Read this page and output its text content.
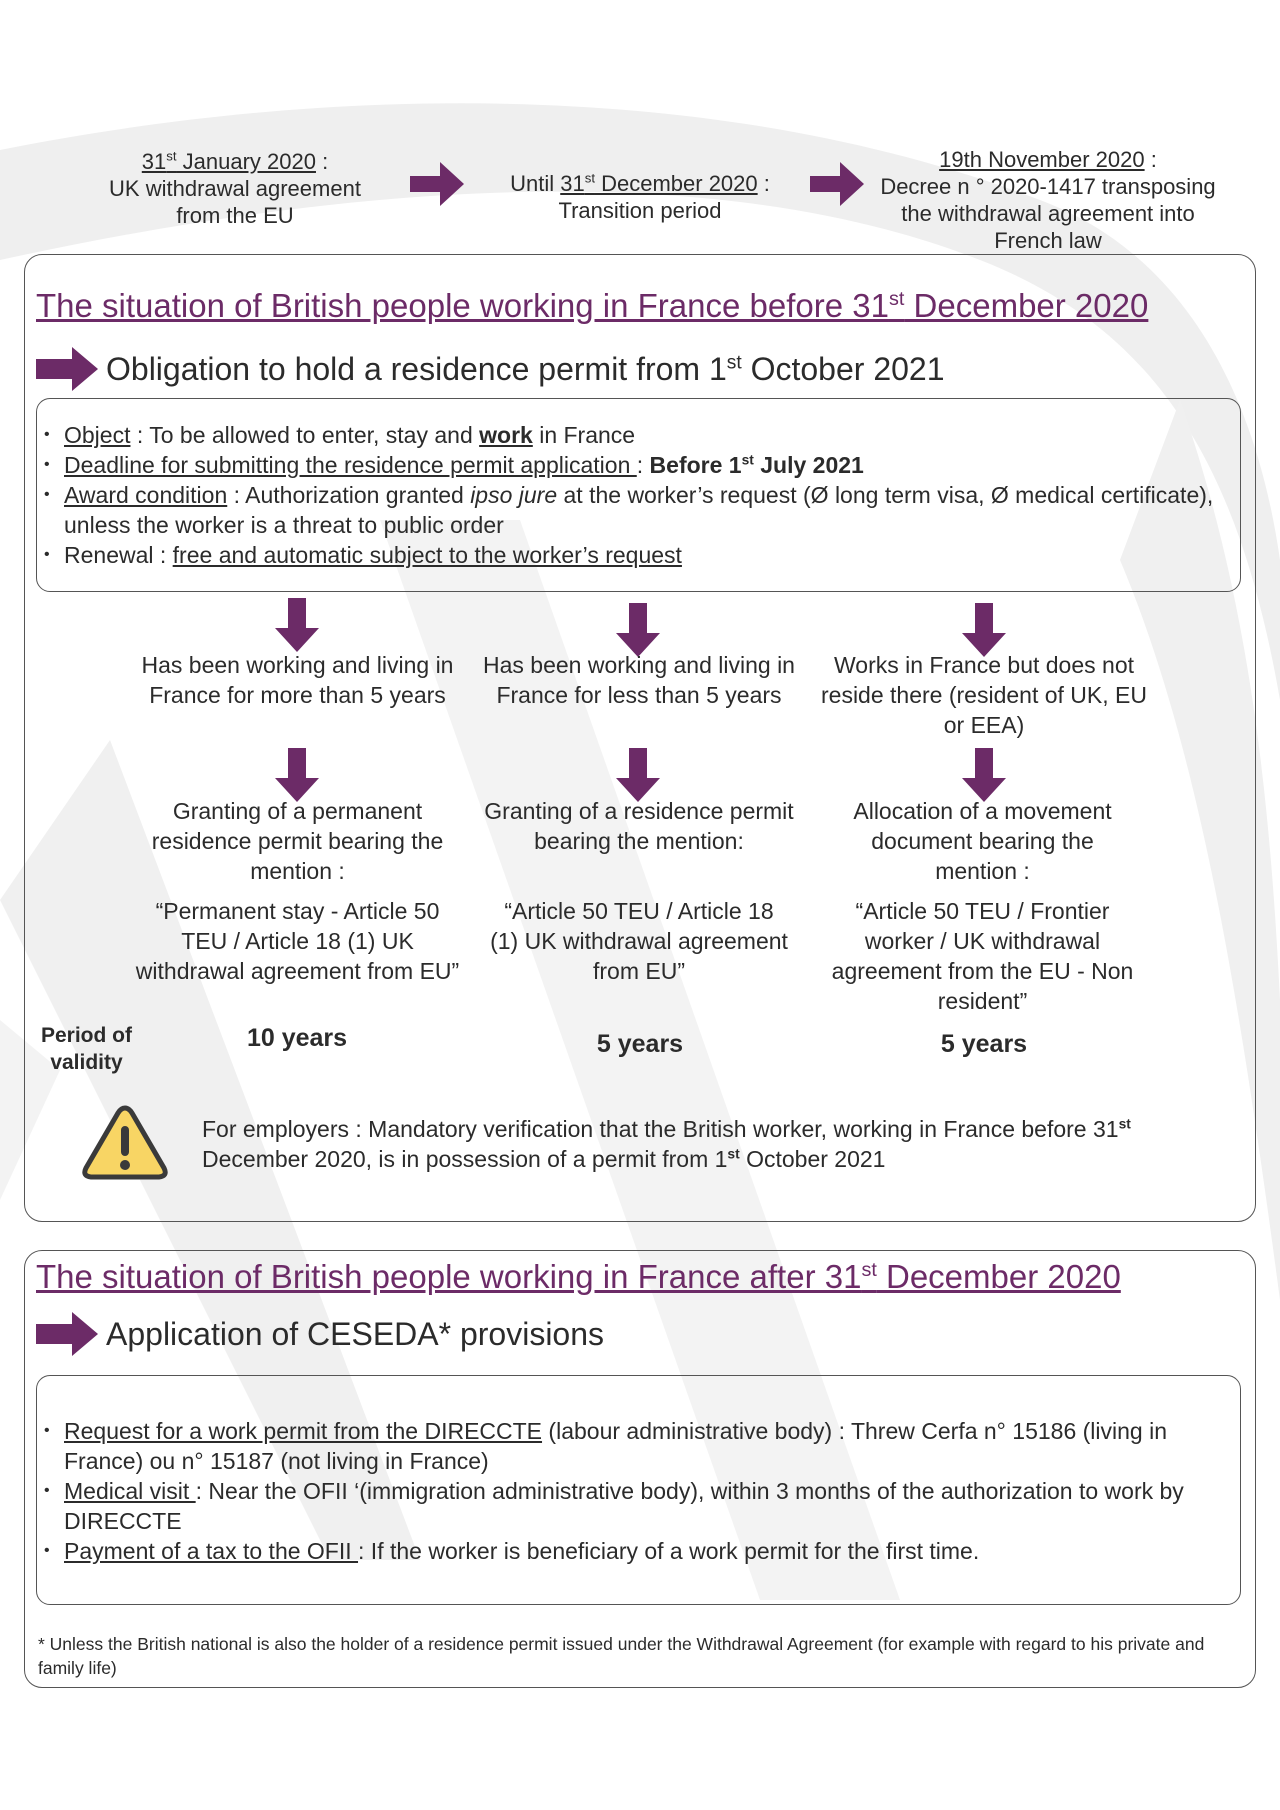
31st January 2020 :
UK withdrawal agreement from the EU
Until 31st December 2020 :
Transition period
19th November 2020 :
Decree n ° 2020-1417 transposing the withdrawal agreement into French law
The situation of British people working in France before 31st December 2020
Obligation to hold a residence permit from 1st October 2021
• Object : To be allowed to enter, stay and work in France
• Deadline for submitting the residence permit application : Before 1st July 2021
• Award condition : Authorization granted ipso jure at the worker’s request (Ø long term visa, Ø medical certificate), unless the worker is a threat to public order
• Renewal : free and automatic subject to the worker’s request
Has been working and living in France for more than 5 years
Granting of a permanent residence permit bearing the mention :
“Permanent stay - Article 50 TEU / Article 18 (1) UK withdrawal agreement from EU”
10 years
Has been working and living in France for less than 5 years
Granting of a residence permit bearing the mention:
“Article 50 TEU / Article 18 (1) UK withdrawal agreement from EU”
5 years
Works in France but does not reside there (resident of UK, EU or EEA)
Allocation of a movement document bearing the mention :
“Article 50 TEU / Frontier worker / UK withdrawal agreement from the EU - Non resident”
5 years
Period of validity
For employers : Mandatory verification that the British worker, working in France before 31st December 2020, is in possession of a permit from 1st October 2021
The situation of British people working in France after 31st December 2020
Application of CESEDA* provisions
• Request for a work permit from the DIRECCTE (labour administrative body) : Threw Cerfa n° 15186 (living in France) ou n° 15187 (not living in France)
• Medical visit : Near the OFII ‘(immigration administrative body), within 3 months of the authorization to work by DIRECCTE
• Payment of a tax to the OFII : If the worker is beneficiary of a work permit for the first time.
* Unless the British national is also the holder of a residence permit issued under the Withdrawal Agreement (for example with regard to his private and family life)
